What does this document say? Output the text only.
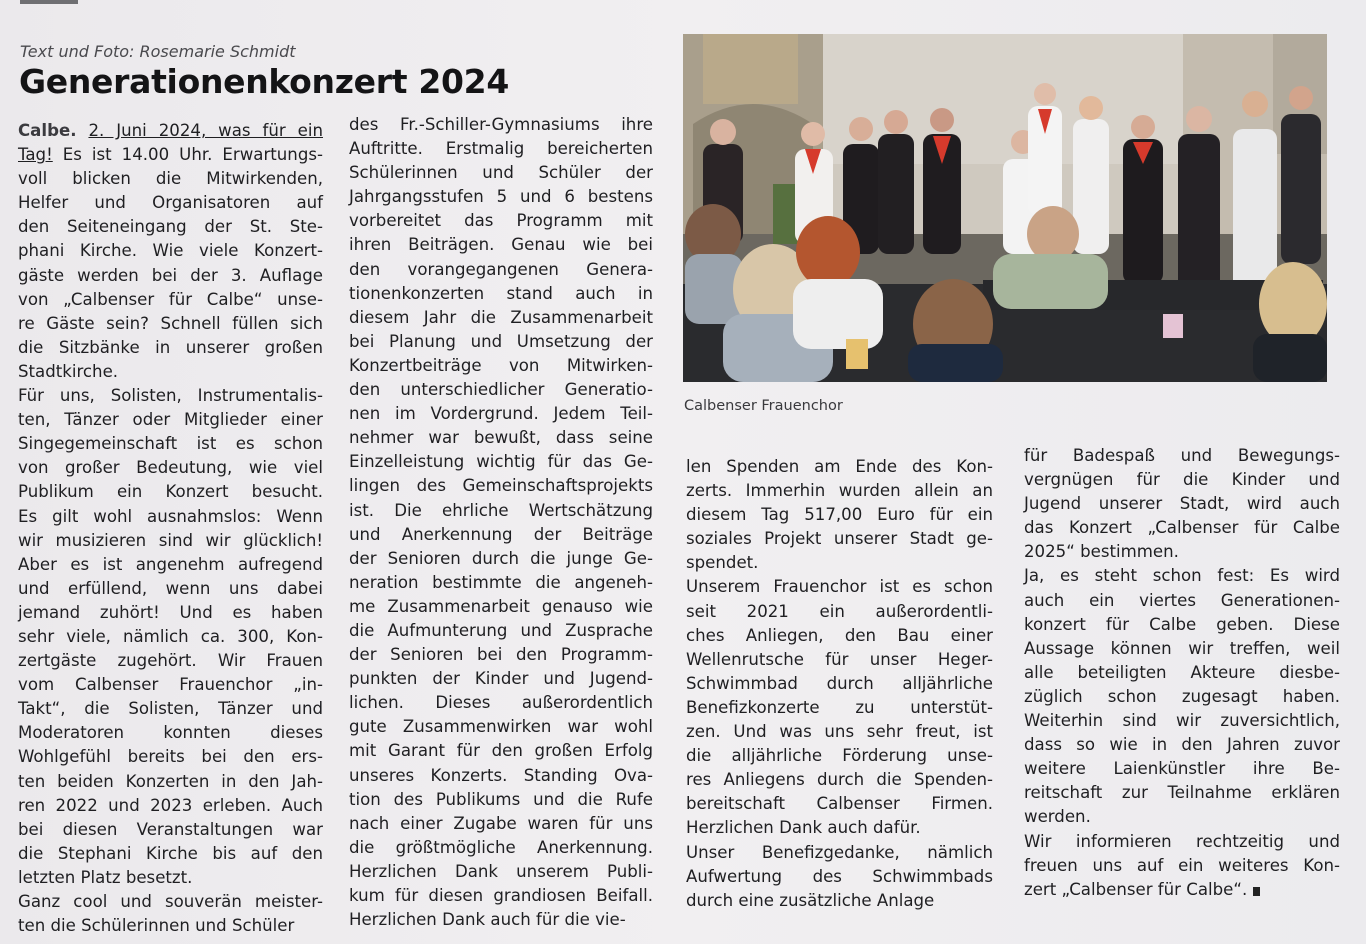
Text und Foto: Rosemarie Schmidt
Generationenkonzert 2024
Calbe. 2. Juni 2024, was für ein
Tag! Es ist 14.00 Uhr. Erwartungs-
voll blicken die Mitwirkenden,
Helfer und Organisatoren auf
den Seiteneingang der St. Ste-
phani Kirche. Wie viele Konzert-
gäste werden bei der 3. Auflage
von „Calbenser für Calbe“ unse-
re Gäste sein? Schnell füllen sich
die Sitzbänke in unserer großen
Stadtkirche.
Für uns, Solisten, Instrumentalis-
ten, Tänzer oder Mitglieder einer
Singegemeinschaft ist es schon
von großer Bedeutung, wie viel
Publikum ein Konzert besucht.
Es gilt wohl ausnahmslos: Wenn
wir musizieren sind wir glücklich!
Aber es ist angenehm aufregend
und erfüllend, wenn uns dabei
jemand zuhört! Und es haben
sehr viele, nämlich ca. 300, Kon-
zertgäste zugehört. Wir Frauen
vom Calbenser Frauenchor „in-
Takt“, die Solisten, Tänzer und
Moderatoren konnten dieses
Wohlgefühl bereits bei den ers-
ten beiden Konzerten in den Jah-
ren 2022 und 2023 erleben. Auch
bei diesen Veranstaltungen war
die Stephani Kirche bis auf den
letzten Platz besetzt.
Ganz cool und souverän meister-
ten die Schülerinnen und Schüler
des Fr.-Schiller-Gymnasiums ihre
Auftritte. Erstmalig bereicherten
Schülerinnen und Schüler der
Jahrgangsstufen 5 und 6 bestens
vorbereitet das Programm mit
ihren Beiträgen. Genau wie bei
den vorangegangenen Genera-
tionenkonzerten stand auch in
diesem Jahr die Zusammenarbeit
bei Planung und Umsetzung der
Konzertbeiträge von Mitwirken-
den unterschiedlicher Generatio-
nen im Vordergrund. Jedem Teil-
nehmer war bewußt, dass seine
Einzelleistung wichtig für das Ge-
lingen des Gemeinschaftsprojekts
ist. Die ehrliche Wertschätzung
und Anerkennung der Beiträge
der Senioren durch die junge Ge-
neration bestimmte die angeneh-
me Zusammenarbeit genauso wie
die Aufmunterung und Zusprache
der Senioren bei den Programm-
punkten der Kinder und Jugend-
lichen. Dieses außerordentlich
gute Zusammenwirken war wohl
mit Garant für den großen Erfolg
unseres Konzerts. Standing Ova-
tion des Publikums und die Rufe
nach einer Zugabe waren für uns
die größtmögliche Anerkennung.
Herzlichen Dank unserem Publi-
kum für diesen grandiosen Beifall.
Herzlichen Dank auch für die vie-
Calbenser Frauenchor
len Spenden am Ende des Kon-
zerts. Immerhin wurden allein an
diesem Tag 517,00 Euro für ein
soziales Projekt unserer Stadt ge-
spendet.
Unserem Frauenchor ist es schon
seit 2021 ein außerordentli-
ches Anliegen, den Bau einer
Wellenrutsche für unser Heger-
Schwimmbad durch alljährliche
Benefizkonzerte zu unterstüt-
zen. Und was uns sehr freut, ist
die alljährliche Förderung unse-
res Anliegens durch die Spenden-
bereitschaft Calbenser Firmen.
Herzlichen Dank auch dafür.
Unser Benefizgedanke, nämlich
Aufwertung des Schwimmbads
durch eine zusätzliche Anlage
für Badespaß und Bewegungs-
vergnügen für die Kinder und
Jugend unserer Stadt, wird auch
das Konzert „Calbenser für Calbe
2025“ bestimmen.
Ja, es steht schon fest: Es wird
auch ein viertes Generationen-
konzert für Calbe geben. Diese
Aussage können wir treffen, weil
alle beteiligten Akteure diesbe-
züglich schon zugesagt haben.
Weiterhin sind wir zuversichtlich,
dass so wie in den Jahren zuvor
weitere Laienkünstler ihre Be-
reitschaft zur Teilnahme erklären
werden.
Wir informieren rechtzeitig und
freuen uns auf ein weiteres Kon-
zert „Calbenser für Calbe“.
